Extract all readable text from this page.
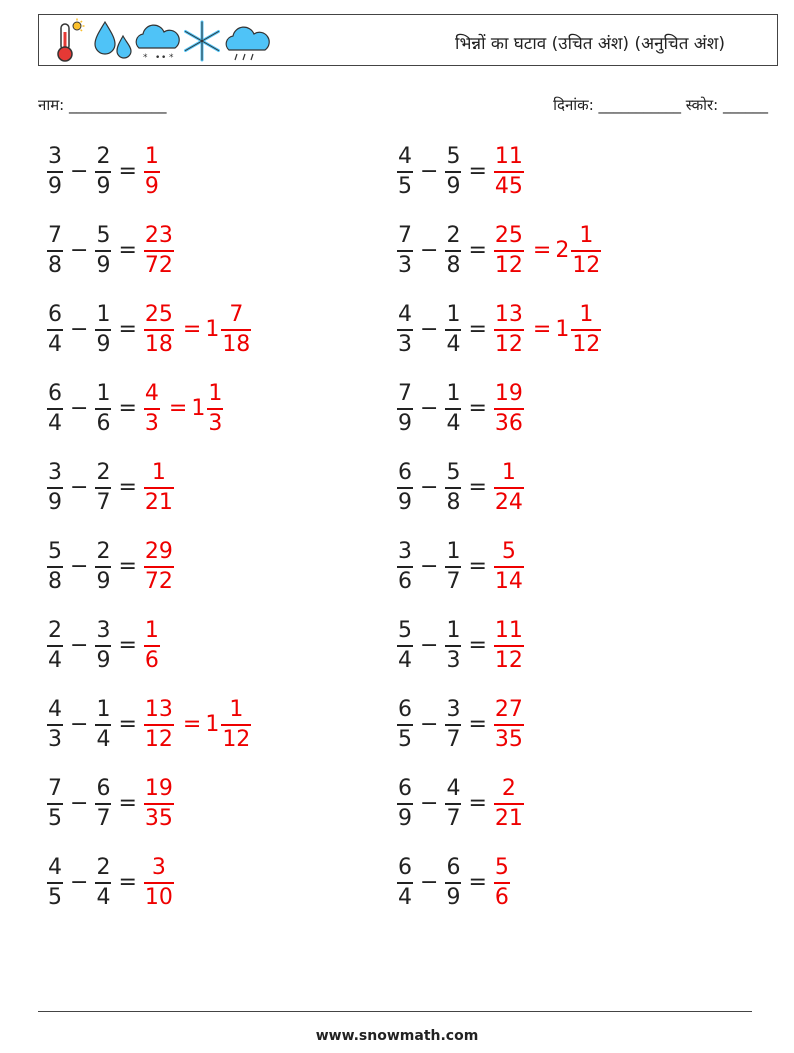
* • • *
भिन्नों का घटाव (उचित अंश) (अनुचित अंश)
नाम: _____________	दिनांक: ___________ स्कोर: ______
$\frac{3}{9} - \frac{2}{9} = \frac{1}{9}$	$\frac{4}{5} - \frac{5}{9} = \frac{11}{45}$
$\frac{7}{8} - \frac{5}{9} = \frac{23}{72}$	$\frac{7}{3} - \frac{2}{8} = \frac{25}{12} = 2 \frac{1}{12}$
$\frac{6}{4} - \frac{1}{9} = \frac{25}{18} = 1 \frac{7}{18}$	$\frac{4}{3} - \frac{1}{4} = \frac{13}{12} = 1 \frac{1}{12}$
$\frac{6}{4} - \frac{1}{6} = \frac{4}{3} = 1 \frac{1}{3}$	$\frac{7}{9} - \frac{1}{4} = \frac{19}{36}$
$\frac{3}{9} - \frac{2}{7} = \frac{1}{21}$	$\frac{6}{9} - \frac{5}{8} = \frac{1}{24}$
$\frac{5}{8} - \frac{2}{9} = \frac{29}{72}$	$\frac{3}{6} - \frac{1}{7} = \frac{5}{14}$
$\frac{2}{4} - \frac{3}{9} = \frac{1}{6}$	$\frac{5}{4} - \frac{1}{3} = \frac{11}{12}$
$\frac{4}{3} - \frac{1}{4} = \frac{13}{12} = 1 \frac{1}{12}$	$\frac{6}{5} - \frac{3}{7} = \frac{27}{35}$
$\frac{7}{5} - \frac{6}{7} = \frac{19}{35}$	$\frac{6}{9} - \frac{4}{7} = \frac{2}{21}$
$\frac{4}{5} - \frac{2}{4} = \frac{3}{10}$	$\frac{6}{4} - \frac{6}{9} = \frac{5}{6}$
www.snowmath.com
